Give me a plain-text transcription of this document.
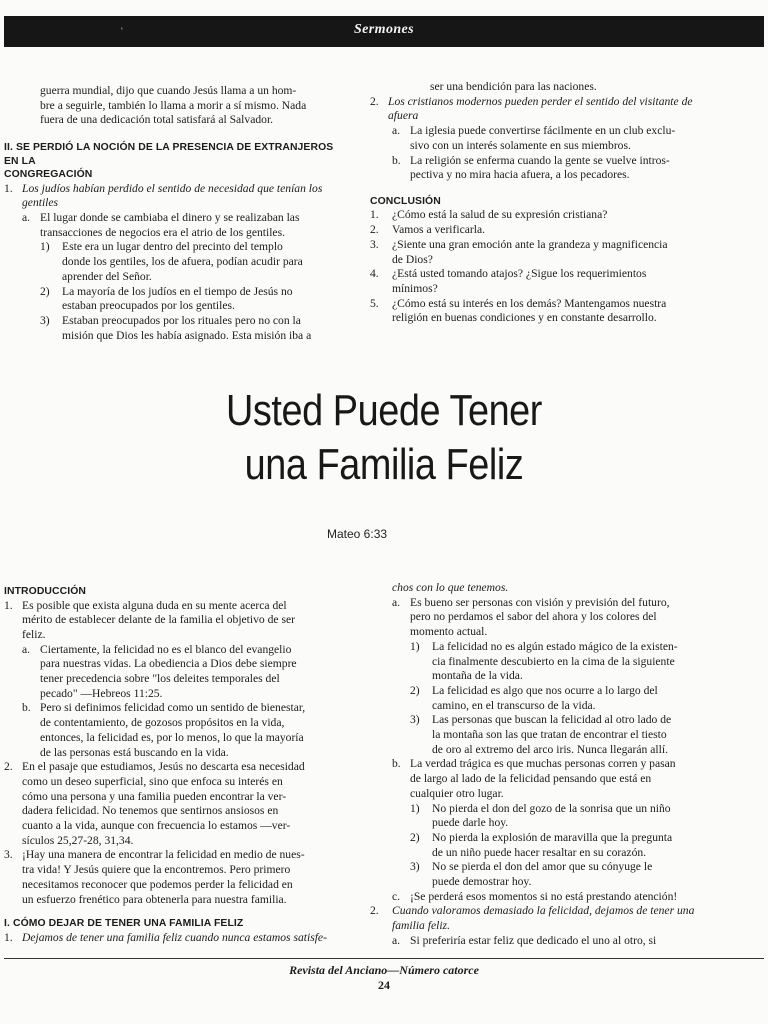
'	Sermones

guerra mundial, dijo que cuando Jesús llama a un hom-

bre a seguirle, también lo llama a morir a sí mismo. Nada

fuera de una dedicación total satisfará al Salvador.

II. SE PERDIÓ LA NOCIÓN DE LA PRESENCIA DE EXTRANJEROS EN LA

CONGREGACIÓN

1. Los judíos habían perdido el sentido de necesidad que tenían los

gentiles

a. El lugar donde se cambiaba el dinero y se realizaban las

transacciones de negocios era el atrio de los gentiles.

1) Este era un lugar dentro del precinto del templo

donde los gentiles, los de afuera, podían acudir para

aprender del Señor.

2) La mayoría de los judíos en el tiempo de Jesús no

estaban preocupados por los gentiles.

3) Estaban preocupados por los rituales pero no con la

misión que Dios les había asignado. Esta misión iba a

ser una bendición para las naciones.

2. Los cristianos modernos pueden perder el sentido del visitante de

afuera

a. La iglesia puede convertirse fácilmente en un club exclu-

sivo con un interés solamente en sus miembros.

b. La religión se enferma cuando la gente se vuelve intros-

pectiva y no mira hacia afuera, a los pecadores.

CONCLUSIÓN

1. ¿Cómo está la salud de su expresión cristiana?

2. Vamos a verificarla.

3. ¿Siente una gran emoción ante la grandeza y magnificencia

de Dios?

4. ¿Está usted tomando atajos? ¿Sigue los requerimientos

mínimos?

5. ¿Cómo está su interés en los demás? Mantengamos nuestra

religión en buenas condiciones y en constante desarrollo.

Usted Puede Tener
una Familia Feliz
Mateo 6:33

INTRODUCCIÓN

1. Es posible que exista alguna duda en su mente acerca del

mérito de establecer delante de la familia el objetivo de ser

feliz.

a. Ciertamente, la felicidad no es el blanco del evangelio

para nuestras vidas. La obediencia a Dios debe siempre

tener precedencia sobre "los deleites temporales del

pecado" —Hebreos 11:25.

b. Pero si definimos felicidad como un sentido de bienestar,

de contentamiento, de gozosos propósitos en la vida,

entonces, la felicidad es, por lo menos, lo que la mayoría

de las personas está buscando en la vida.

2. En el pasaje que estudiamos, Jesús no descarta esa necesidad

como un deseo superficial, sino que enfoca su interés en

cómo una persona y una familia pueden encontrar la ver-

dadera felicidad. No tenemos que sentirnos ansiosos en

cuanto a la vida, aunque con frecuencia lo estamos —ver-

sículos 25,27-28, 31,34.

3. ¡Hay una manera de encontrar la felicidad en medio de nues-

tra vida! Y Jesús quiere que la encontremos. Pero primero

necesitamos reconocer que podemos perder la felicidad en

un esfuerzo frenético para obtenerla para nuestra familia.

I. CÓMO DEJAR DE TENER UNA FAMILIA FELIZ

1. Dejamos de tener una familia feliz cuando nunca estamos satisfe-

chos con lo que tenemos.

a. Es bueno ser personas con visión y previsión del futuro,

pero no perdamos el sabor del ahora y los colores del

momento actual.

1) La felicidad no es algún estado mágico de la existen-

cia finalmente descubierto en la cima de la siguiente

montaña de la vida.

2) La felicidad es algo que nos ocurre a lo largo del

camino, en el transcurso de la vida.

3) Las personas que buscan la felicidad al otro lado de

la montaña son las que tratan de encontrar el tiesto

de oro al extremo del arco iris. Nunca llegarán allí.

b. La verdad trágica es que muchas personas corren y pasan

de largo al lado de la felicidad pensando que está en

cualquier otro lugar.

1) No pierda el don del gozo de la sonrisa que un niño

puede darle hoy.

2) No pierda la explosión de maravilla que la pregunta

de un niño puede hacer resaltar en su corazón.

3) No se pierda el don del amor que su cónyuge le

puede demostrar hoy.

c. ¡Se perderá esos momentos si no está prestando atención!

2. Cuando valoramos demasiado la felicidad, dejamos de tener una

familia feliz.

a. Si preferiría estar feliz que dedicado el uno al otro, si

Revista del Anciano—Número catorce
24
